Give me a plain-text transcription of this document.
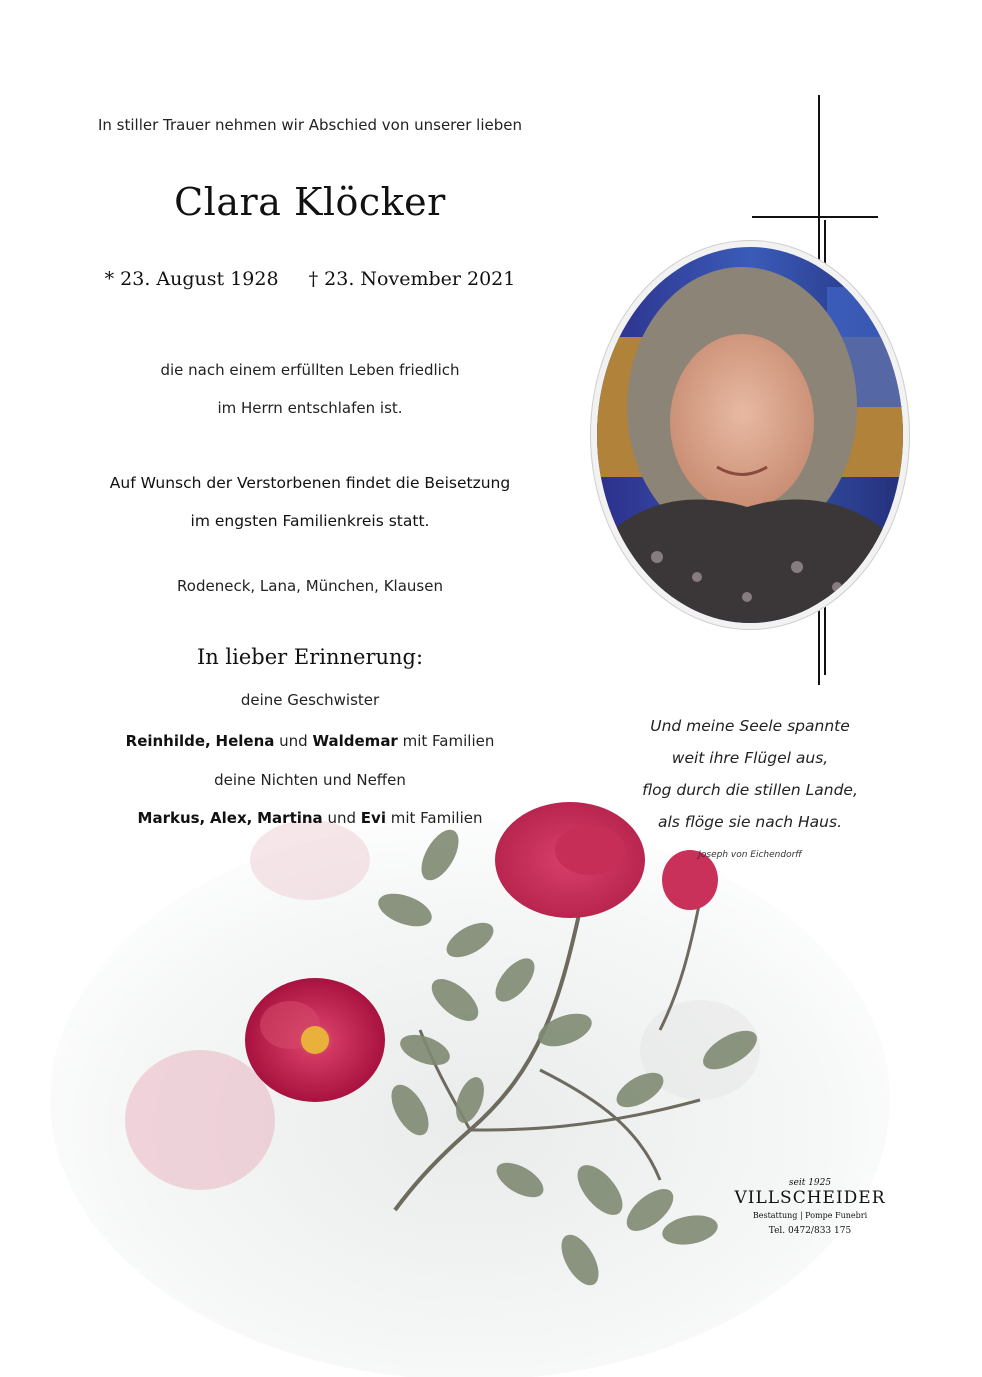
In stiller Trauer nehmen wir Abschied von unserer lieben
Clara Klöcker
* 23. August 1928 † 23. November 2021
die nach einem erfüllten Leben friedlich
im Herrn entschlafen ist.
Auf Wunsch der Verstorbenen findet die Beisetzung
im engsten Familienkreis statt.
Rodeneck, Lana, München, Klausen
In lieber Erinnerung:
deine Geschwister
Reinhilde, Helena und Waldemar mit Familien
deine Nichten und Neffen
Markus, Alex, Martina und Evi mit Familien
Und meine Seele spannte
weit ihre Flügel aus,
flog durch die stillen Lande,
als flöge sie nach Haus.
Joseph von Eichendorff
seit 1925
VILLSCHEIDER
Bestattung | Pompe Funebri
Tel. 0472/833 175
